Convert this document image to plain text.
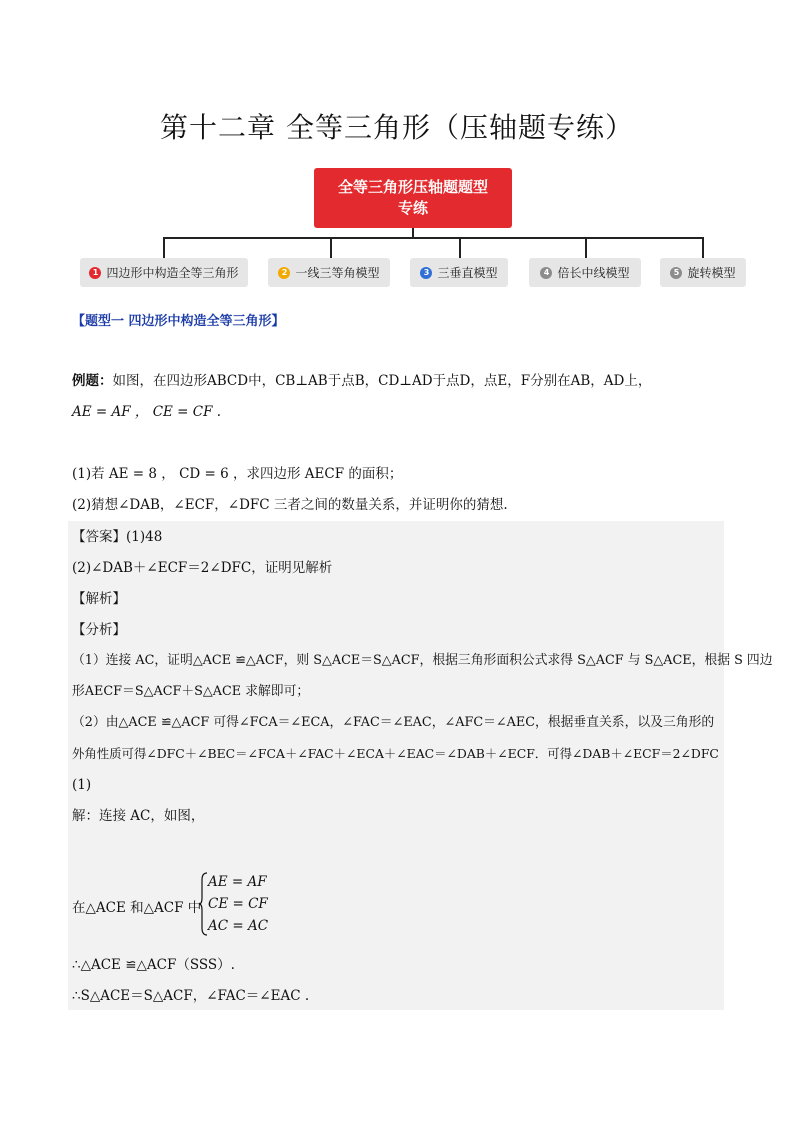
第十二章 全等三角形（压轴题专练）
全等三角形压轴题题型
专练
1 四边形中构造全等三角形	2 一线三等角模型	3 三垂直模型	4 倍长中线模型	5 旋转模型
【题型一 四边形中构造全等三角形】
例题：如图，在四边形ABCD中，CB⊥AB于点B，CD⊥AD于点D，点E，F分别在AB，AD上，
AE = AF ， CE = CF .
(1)若 AE = 8 ， CD = 6 ，求四边形 AECF 的面积；
(2)猜想∠DAB，∠ECF，∠DFC 三者之间的数量关系，并证明你的猜想.
【答案】(1)48
(2)∠DAB＋∠ECF＝2∠DFC，证明见解析
【解析】
【分析】
（1）连接 AC，证明△ACE ≌△ACF，则 S△ACE＝S△ACF，根据三角形面积公式求得 S△ACF 与 S△ACE，根据 S 四边
形AECF＝S△ACF＋S△ACE 求解即可；
（2）由△ACE ≌△ACF 可得∠FCA＝∠ECA，∠FAC＝∠EAC，∠AFC＝∠AEC，根据垂直关系，以及三角形的
外角性质可得∠DFC＋∠BEC＝∠FCA＋∠FAC＋∠ECA＋∠EAC＝∠DAB＋∠ECF．可得∠DAB＋∠ECF＝2∠DFC
(1)
解：连接 AC，如图，
在△ACE 和△ACF 中
AE = AF
CE = CF
AC = AC
∴△ACE ≌△ACF（SSS）.
∴S△ACE＝S△ACF，∠FAC＝∠EAC .
